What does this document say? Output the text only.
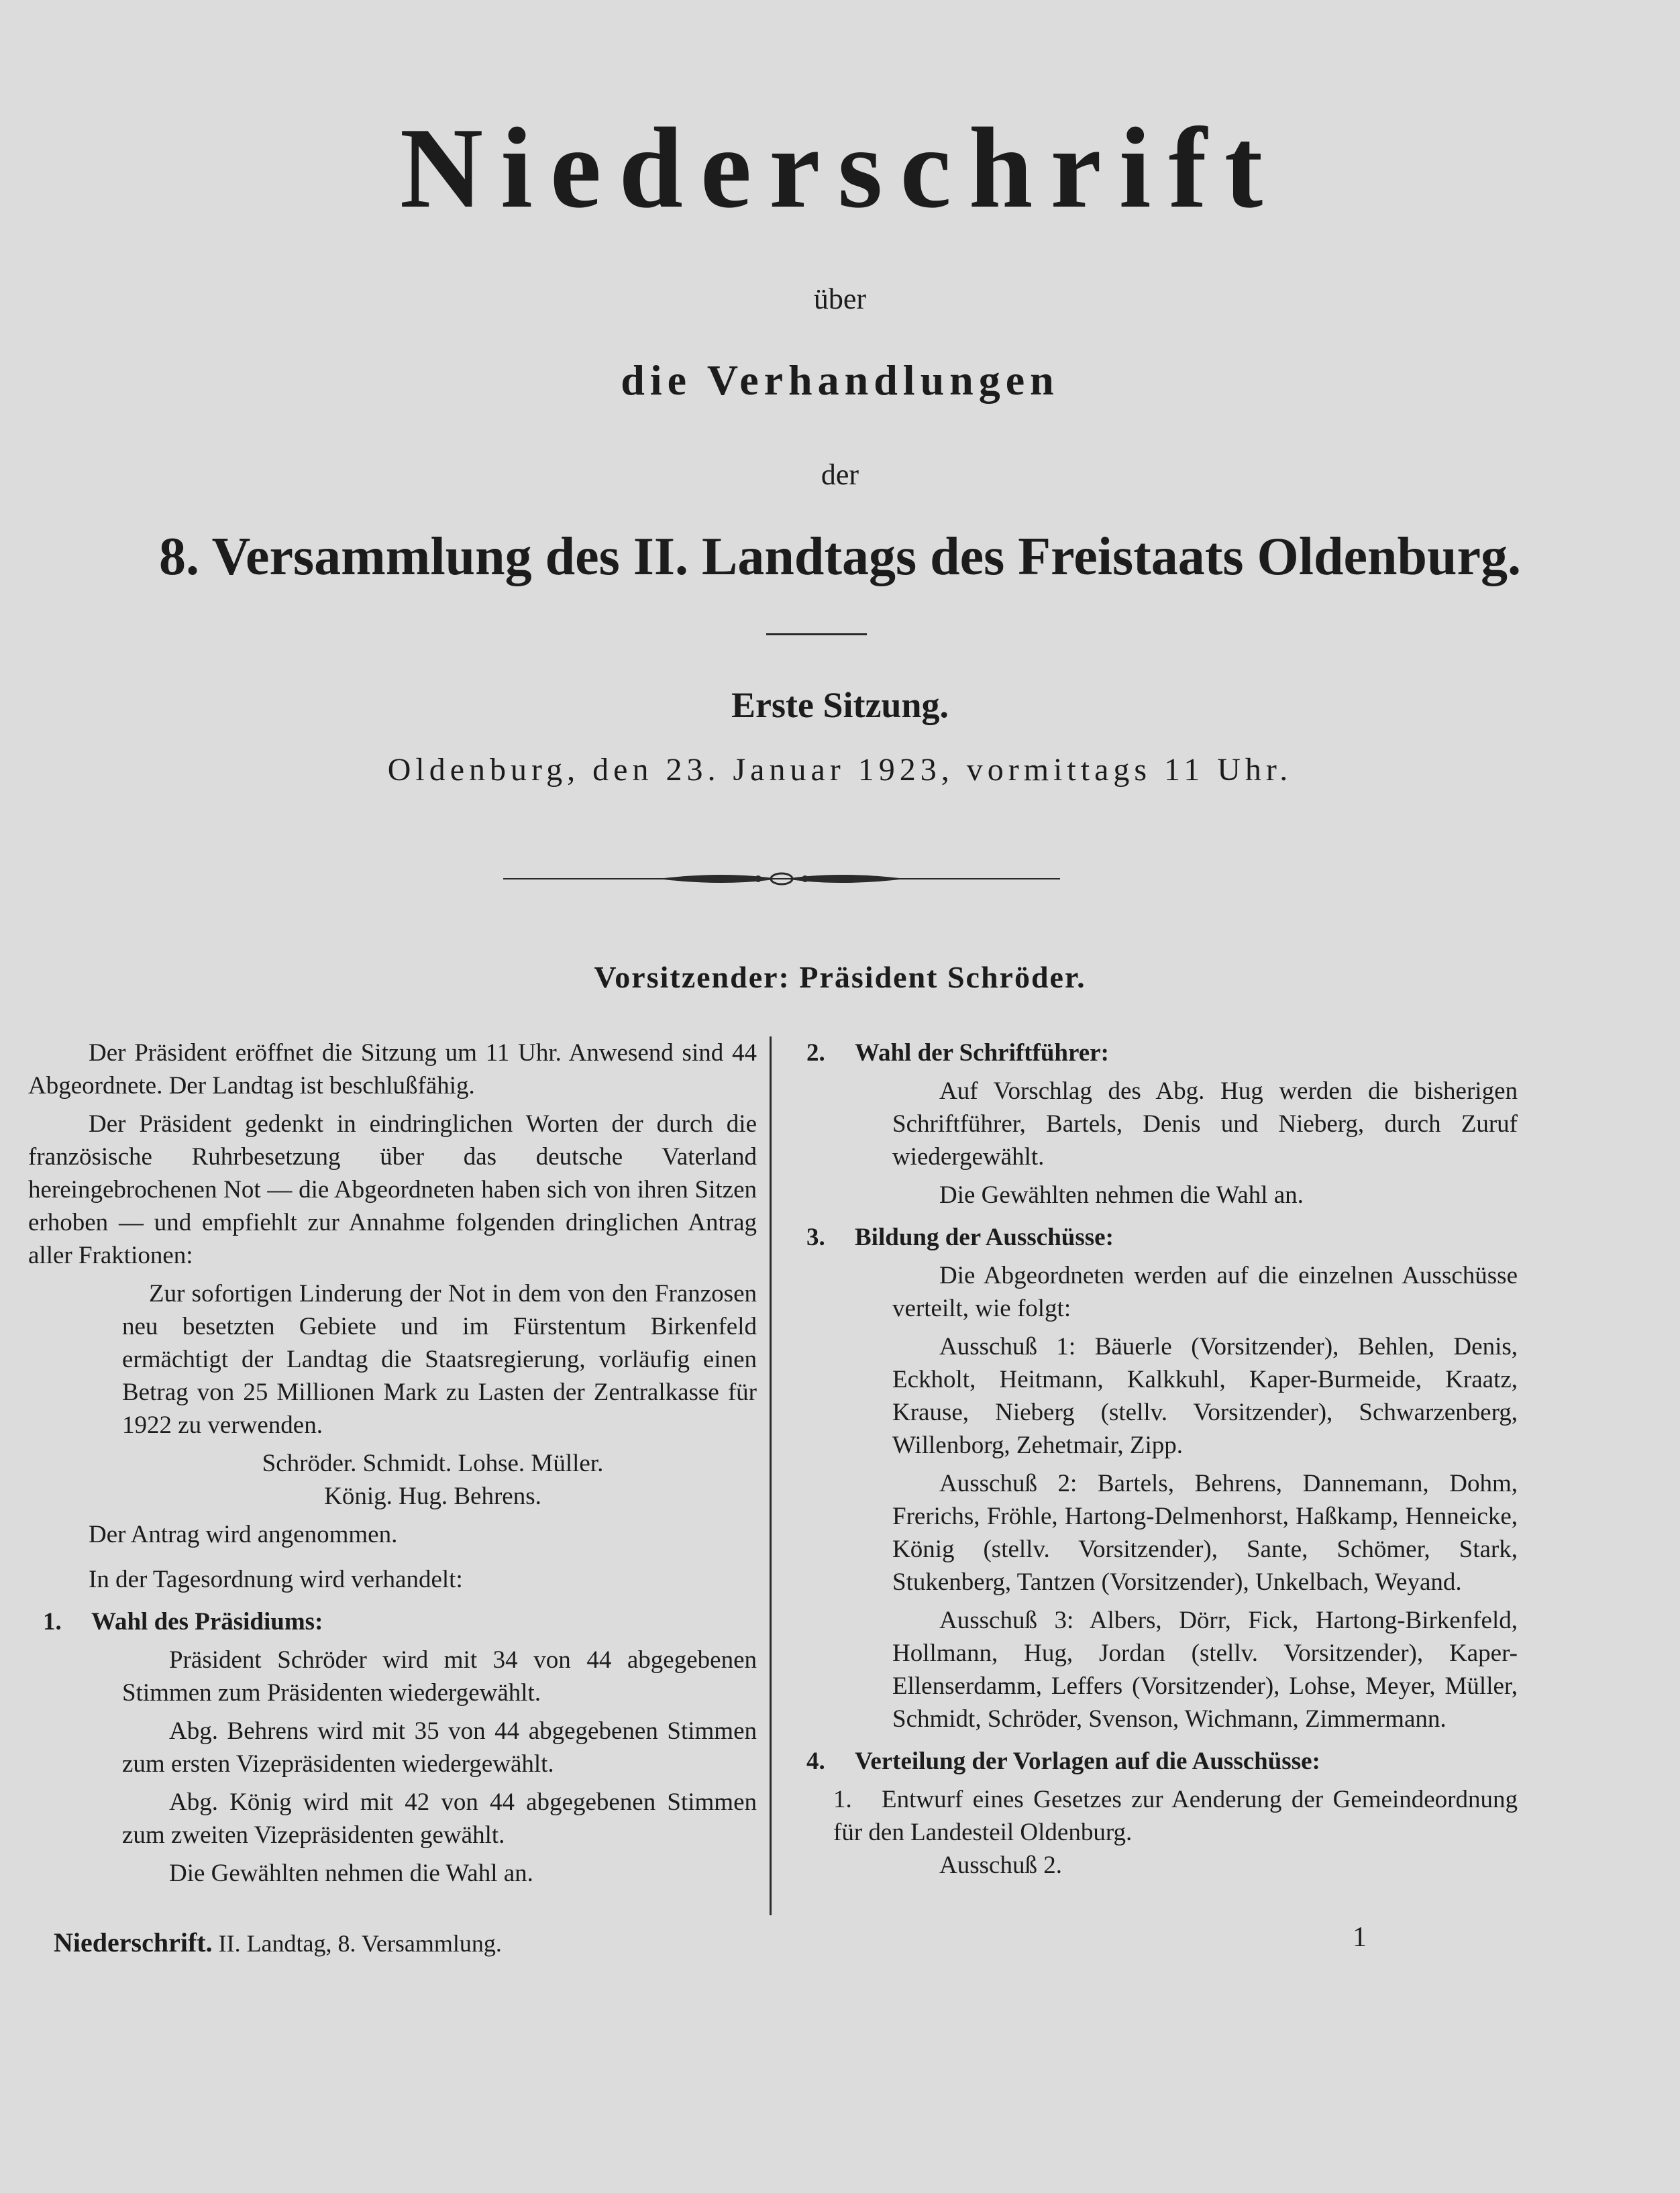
Niederschrift
über
die Verhandlungen
der
8. Versammlung des II. Landtags des Freistaats Oldenburg.
Erste Sitzung.
Oldenburg, den 23. Januar 1923, vormittags 11 Uhr.
Vorsitzender: Präsident Schröder.

Der Präsident eröffnet die Sitzung um 11 Uhr. Anwesend sind 44 Abgeordnete. Der Landtag ist beschlußfähig.

Der Präsident gedenkt in eindringlichen Worten der durch die französische Ruhrbesetzung über das deutsche Vaterland hereingebrochenen Not — die Abgeordneten haben sich von ihren Sitzen erhoben — und empfiehlt zur Annahme folgenden dringlichen Antrag aller Fraktionen:

Zur sofortigen Linderung der Not in dem von den Franzosen neu besetzten Gebiete und im Fürstentum Birkenfeld ermächtigt der Landtag die Staatsregierung, vorläufig einen Betrag von 25 Millionen Mark zu Lasten der Zentralkasse für 1922 zu verwenden.

Schröder. Schmidt. Lohse. Müller.

König. Hug. Behrens.

Der Antrag wird angenommen.

In der Tagesordnung wird verhandelt:

1. Wahl des Präsidiums:

Präsident Schröder wird mit 34 von 44 abgegebenen Stimmen zum Präsidenten wiedergewählt.

Abg. Behrens wird mit 35 von 44 abgegebenen Stimmen zum ersten Vizepräsidenten wiedergewählt.

Abg. König wird mit 42 von 44 abgegebenen Stimmen zum zweiten Vizepräsidenten gewählt.

Die Gewählten nehmen die Wahl an.

2. Wahl der Schriftführer:

Auf Vorschlag des Abg. Hug werden die bisherigen Schriftführer, Bartels, Denis und Nieberg, durch Zuruf wiedergewählt.

Die Gewählten nehmen die Wahl an.

3. Bildung der Ausschüsse:

Die Abgeordneten werden auf die einzelnen Ausschüsse verteilt, wie folgt:

Ausschuß 1: Bäuerle (Vorsitzender), Behlen, Denis, Eckholt, Heitmann, Kalkkuhl, Kaper-Burmeide, Kraatz, Krause, Nieberg (stellv. Vorsitzender), Schwarzenberg, Willenborg, Zehetmair, Zipp.

Ausschuß 2: Bartels, Behrens, Dannemann, Dohm, Frerichs, Fröhle, Hartong-Delmenhorst, Haßkamp, Henneicke, König (stellv. Vorsitzender), Sante, Schömer, Stark, Stukenberg, Tantzen (Vorsitzender), Unkelbach, Weyand.

Ausschuß 3: Albers, Dörr, Fick, Hartong-Birkenfeld, Hollmann, Hug, Jordan (stellv. Vorsitzender), Kaper-Ellenserdamm, Leffers (Vorsitzender), Lohse, Meyer, Müller, Schmidt, Schröder, Svenson, Wichmann, Zimmermann.

4. Verteilung der Vorlagen auf die Ausschüsse:

1. Entwurf eines Gesetzes zur Aenderung der Gemeindeordnung für den Landesteil Oldenburg.

Ausschuß 2.

Niederschrift. II. Landtag, 8. Versammlung.	1
